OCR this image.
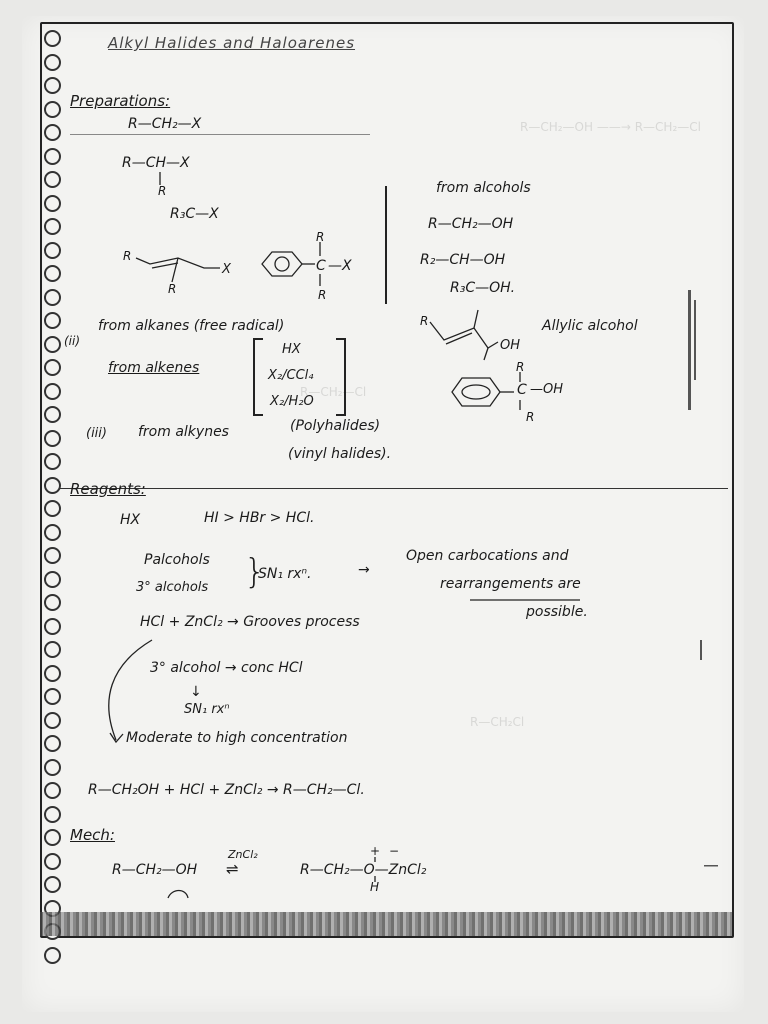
R—CH₂—OH ——→ R—CH₂—Cl
R—CH₂—Cl
R—CH₂Cl
Alkyl Halides and Haloarenes
Preparations:
R—CH₂—X
R—CH—X
R
R₃C—X
R
R
X
R
C —X
R
from alcohols
R—CH₂—OH
R₂—CH—OH
R₃C—OH.
(ii)
from alkanes (free radical)
from alkenes
HX
X₂/CCl₄
X₂/H₂O
R
OH
Allylic alcohol
R
C —OH
R
(iii) from alkynes	(Polyhalides)
(vinyl halides).
Reagents:
HX	HI > HBr > HCl.
Palcohols
3° alcohols }
SN₁ rxⁿ.	→
Open carbocations and
rearrangements are
possible.
HCl + ZnCl₂ → Grooves process
3° alcohol → conc HCl
↓
SN₁ rxⁿ
Moderate to high concentration
R—CH₂OH + HCl + ZnCl₂ → R—CH₂—Cl.
Mech:
R—CH₂—OH
ZnCl₂
⇌	R—CH₂—O—ZnCl₂
+ −
H
